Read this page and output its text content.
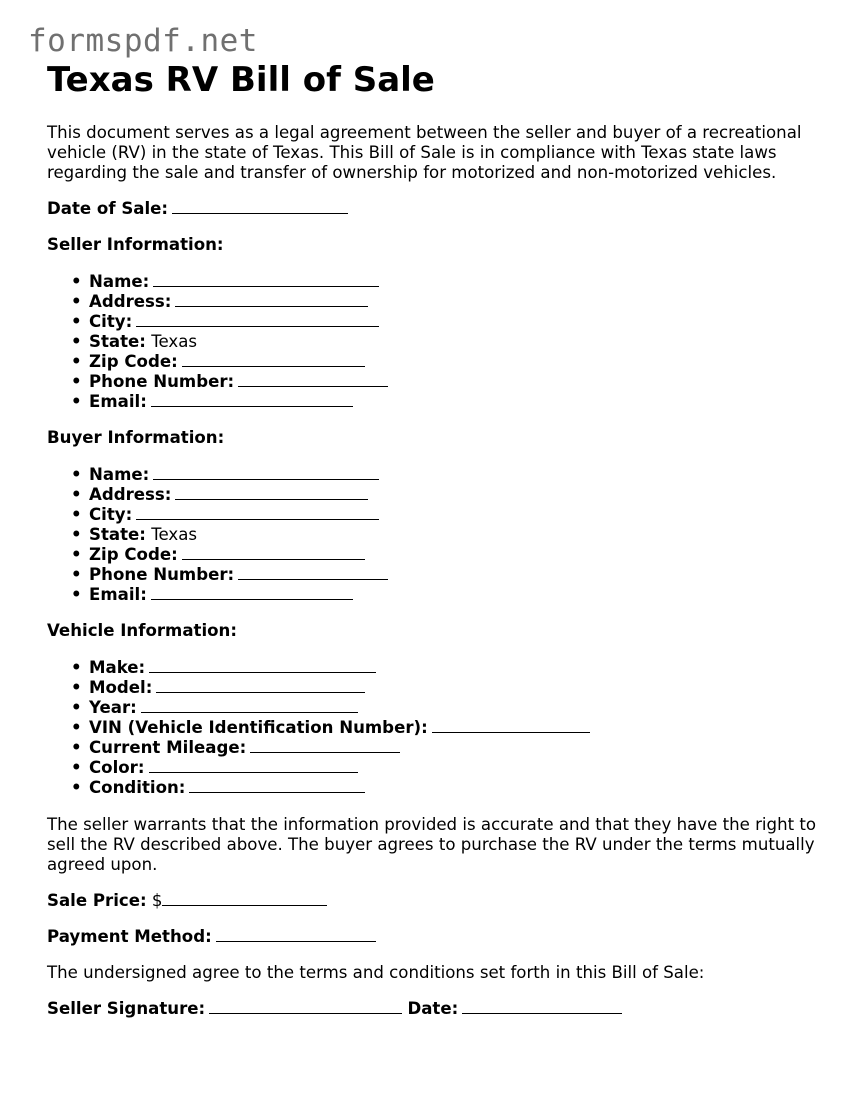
formspdf.net
Texas RV Bill of Sale

This document serves as a legal agreement between the seller and buyer of a recreational vehicle (RV) in the state of Texas. This Bill of Sale is in compliance with Texas state laws regarding the sale and transfer of ownership for motorized and non-motorized vehicles.

Date of Sale:

Seller Information:
• Name:
• Address:
• City:
• State: Texas
• Zip Code:
• Phone Number:
• Email:
Buyer Information:
• Name:
• Address:
• City:
• State: Texas
• Zip Code:
• Phone Number:
• Email:
Vehicle Information:
• Make:
• Model:
• Year:
• VIN (Vehicle Identification Number):
• Current Mileage:
• Color:
• Condition:

The seller warrants that the information provided is accurate and that they have the right to sell the RV described above. The buyer agrees to purchase the RV under the terms mutually agreed upon.

Sale Price: $

Payment Method:

The undersigned agree to the terms and conditions set forth in this Bill of Sale:

Seller Signature:	Date:
